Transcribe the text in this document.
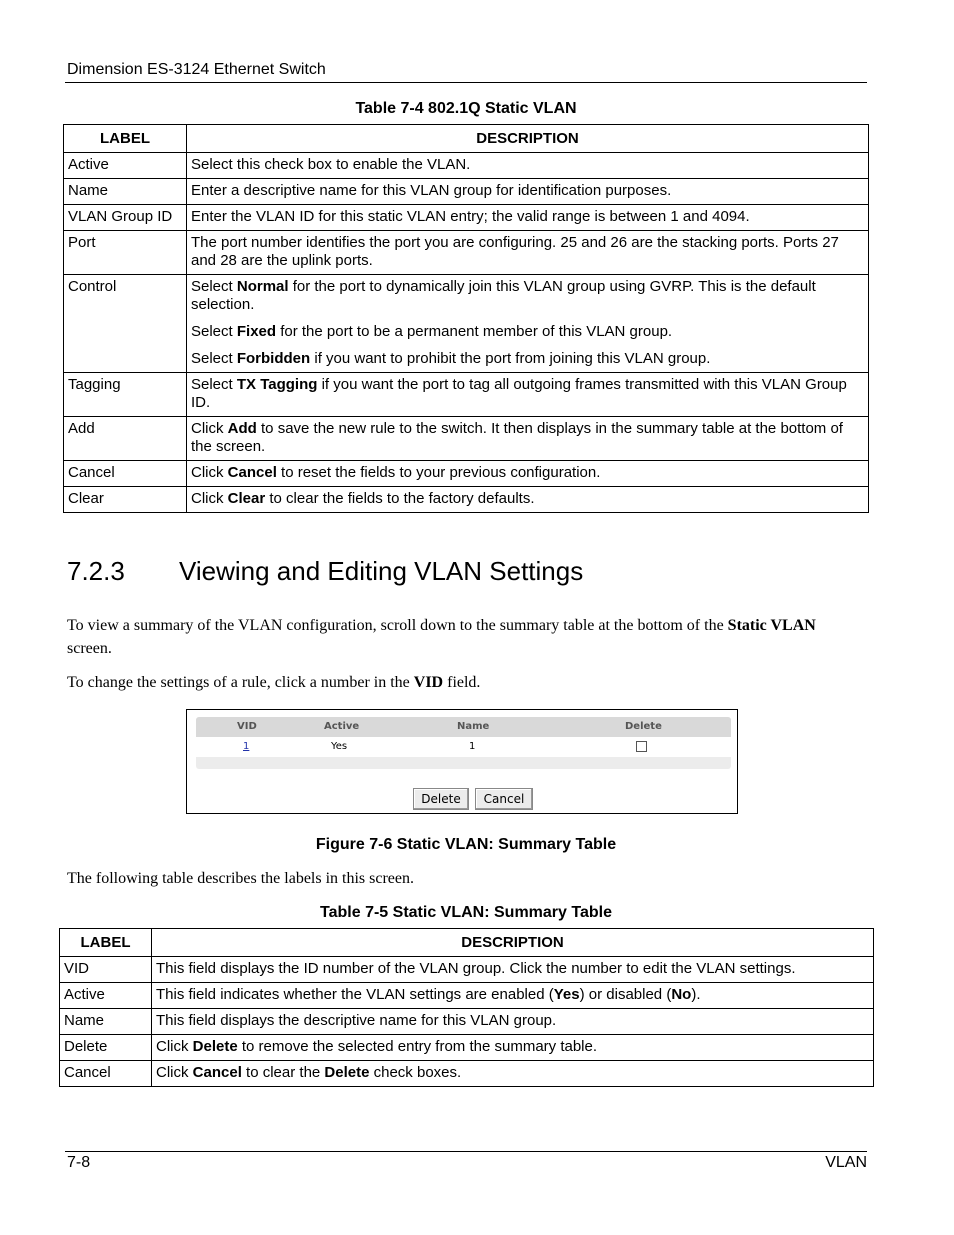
Dimension ES-3124 Ethernet Switch
Table 7-4 802.1Q Static VLAN
LABEL	DESCRIPTION
Active	Select this check box to enable the VLAN.

Name	Enter a descriptive name for this VLAN group for identification purposes.

VLAN Group ID	Enter the VLAN ID for this static VLAN entry; the valid range is between 1 and 4094.

Port	The port number identifies the port you are configuring. 25 and 26 are the stacking ports. Ports 27 and 28 are the uplink ports.

Control	Select Normal for the port to dynamically join this VLAN group using GVRP. This is the default selection.

Select Fixed for the port to be a permanent member of this VLAN group.

Select Forbidden if you want to prohibit the port from joining this VLAN group.

Tagging	Select TX Tagging if you want the port to tag all outgoing frames transmitted with this VLAN Group ID.

Add	Click Add to save the new rule to the switch. It then displays in the summary table at the bottom of the screen.

Cancel	Click Cancel to reset the fields to your previous configuration.

Clear	Click Clear to clear the fields to the factory defaults.

7.2.3 Viewing and Editing VLAN Settings
To view a summary of the VLAN configuration, scroll down to the summary table at the bottom of the Static VLAN screen.
To change the settings of a rule, click a number in the VID field.
VID	Active	Name	Delete
1	Yes	1
Delete	Cancel
Figure 7-6 Static VLAN: Summary Table
The following table describes the labels in this screen.
Table 7-5 Static VLAN: Summary Table
LABEL	DESCRIPTION
VID	This field displays the ID number of the VLAN group. Click the number to edit the VLAN settings.

Active	This field indicates whether the VLAN settings are enabled (Yes) or disabled (No).

Name	This field displays the descriptive name for this VLAN group.

Delete	Click Delete to remove the selected entry from the summary table.

Cancel	Click Cancel to clear the Delete check boxes.

7-8	VLAN
